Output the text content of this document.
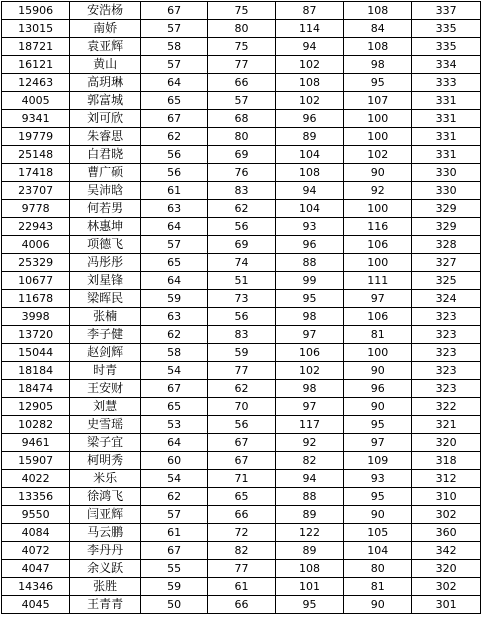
15906	安浩杨	67	75	87	108	337
13015	南娇	57	80	114	84	335
18721	袁亚辉	58	75	94	108	335
16121	黄山	57	77	102	98	334
12463	高玥琳	64	66	108	95	333
4005	郭富城	65	57	102	107	331
9341	刘可欣	67	68	96	100	331
19779	朱睿思	62	80	89	100	331
25148	白君晓	56	69	104	102	331
17418	曹广硕	56	76	108	90	330
23707	吴沛晗	61	83	94	92	330
9778	何若男	63	62	104	100	329
22943	林惠坤	64	56	93	116	329
4006	项德飞	57	69	96	106	328
25329	冯彤彤	65	74	88	100	327
10677	刘星锋	64	51	99	111	325
11678	梁晖民	59	73	95	97	324
3998	张楠	63	56	98	106	323
13720	李子健	62	83	97	81	323
15044	赵剑辉	58	59	106	100	323
18184	时青	54	77	102	90	323
18474	王安财	67	62	98	96	323
12905	刘慧	65	70	97	90	322
10282	史雪瑶	53	56	117	95	321
9461	梁子宜	64	67	92	97	320
15907	柯明秀	60	67	82	109	318
4022	米乐	54	71	94	93	312
13356	徐鸿飞	62	65	88	95	310
9550	闫亚辉	57	66	89	90	302
4084	马云鹏	61	72	122	105	360
4072	李丹丹	67	82	89	104	342
4047	余义跃	55	77	108	80	320
14346	张胜	59	61	101	81	302
4045	王青青	50	66	95	90	301
